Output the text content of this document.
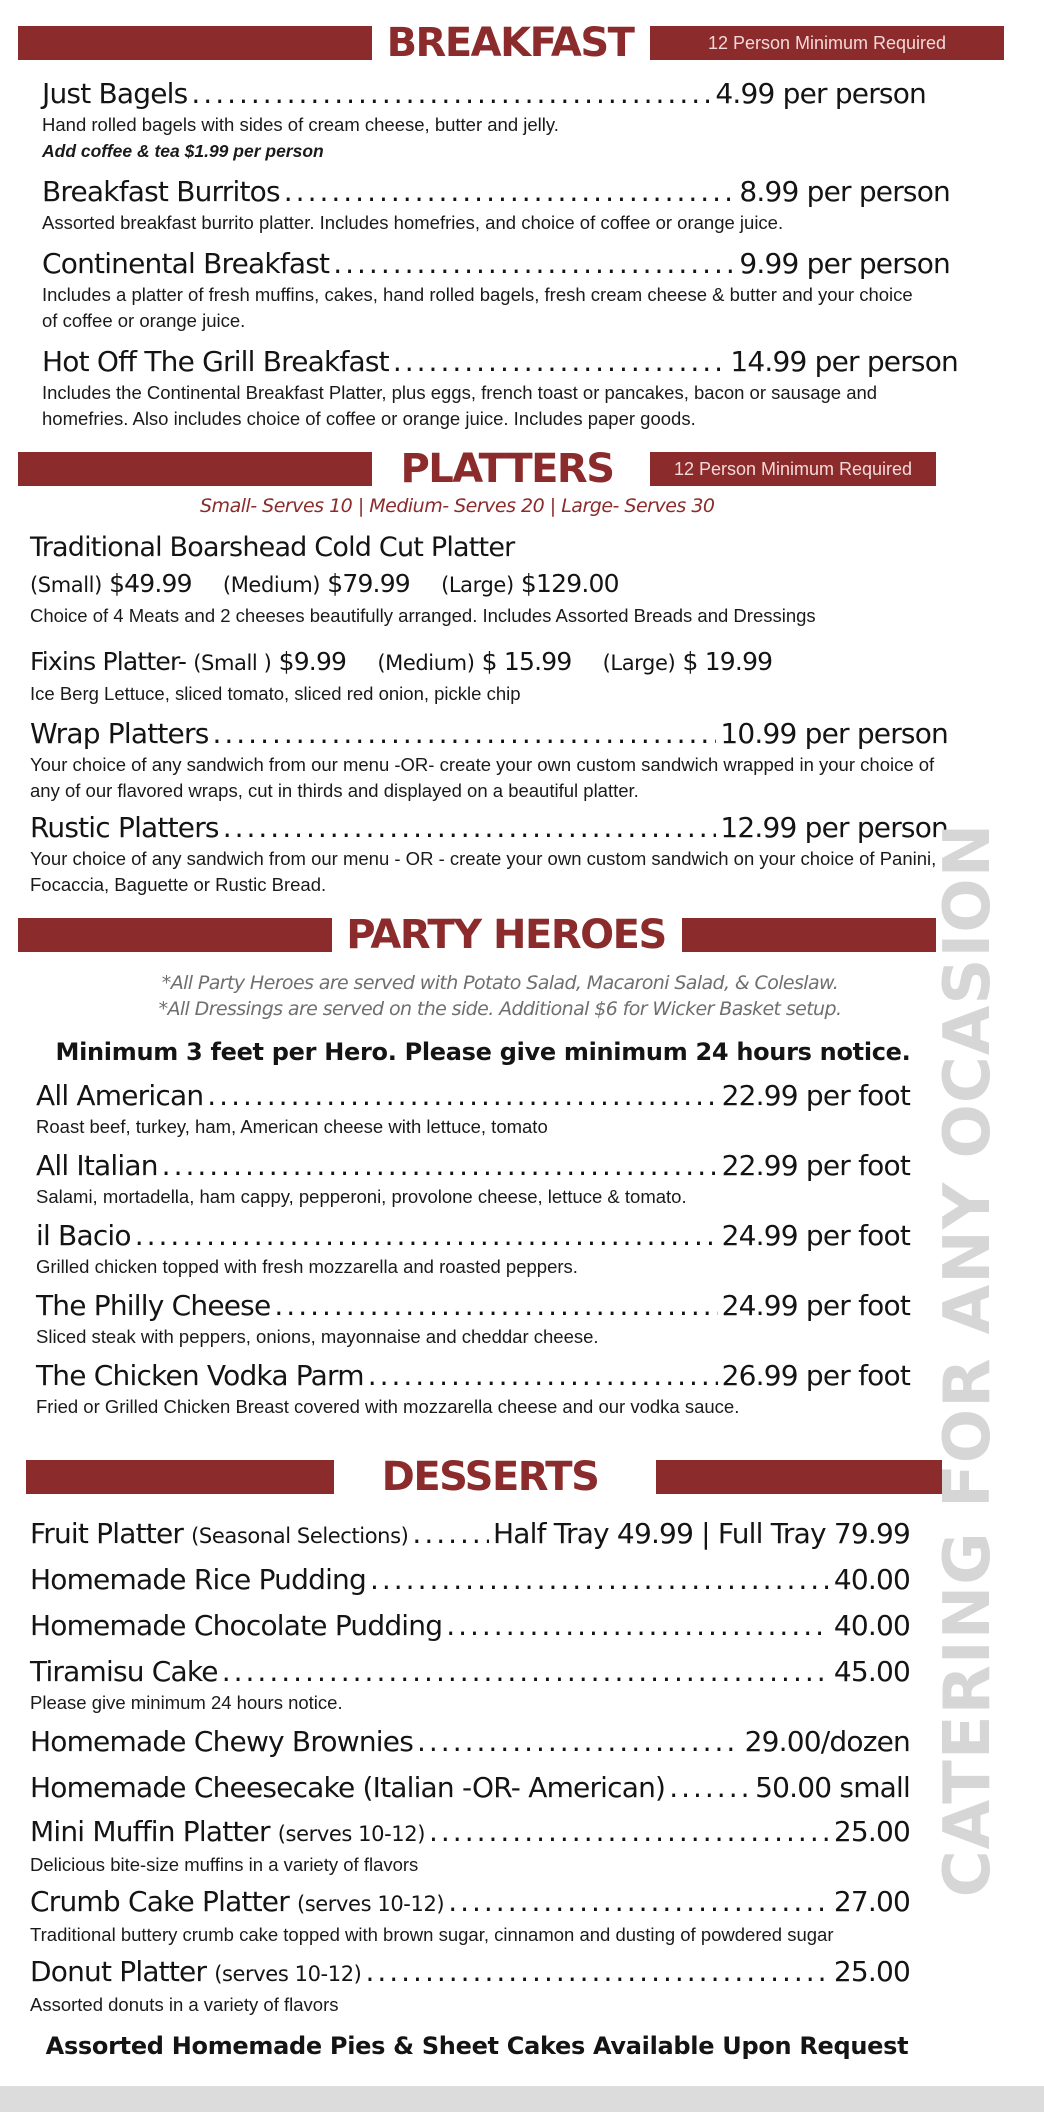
BREAKFAST	12 Person Minimum Required
Just Bagels .....	4.99 per person
Hand rolled bagels with sides of cream cheese, butter and jelly.
Add coffee & tea $1.99 per person
Breakfast Burritos .....	8.99 per person
Assorted breakfast burrito platter. Includes homefries, and choice of coffee or orange juice.
Continental Breakfast .....	9.99 per person
Includes a platter of fresh muffins, cakes, hand rolled bagels, fresh cream cheese & butter and your choice of coffee or orange juice.
Hot Off The Grill Breakfast .....	14.99 per person
Includes the Continental Breakfast Platter, plus eggs, french toast or pancakes, bacon or sausage and homefries. Also includes choice of coffee or orange juice. Includes paper goods.
PLATTERS	12 Person Minimum Required
Small- Serves 10 | Medium- Serves 20 | Large- Serves 30
Traditional Boarshead Cold Cut Platter
(Small) $49.99 (Medium) $79.99 (Large) $129.00
Choice of 4 Meats and 2 cheeses beautifully arranged. Includes Assorted Breads and Dressings
Fixins Platter- (Small ) $9.99 (Medium) $ 15.99 (Large) $ 19.99
Ice Berg Lettuce, sliced tomato, sliced red onion, pickle chip
Wrap Platters .....	10.99 per person
Your choice of any sandwich from our menu -OR- create your own custom sandwich wrapped in your choice of any of our flavored wraps, cut in thirds and displayed on a beautiful platter.
Rustic Platters .....	12.99 per person
Your choice of any sandwich from our menu - OR - create your own custom sandwich on your choice of Panini, Focaccia, Baguette or Rustic Bread.
PARTY HEROES
*All Party Heroes are served with Potato Salad, Macaroni Salad, & Coleslaw.
*All Dressings are served on the side. Additional $6 for Wicker Basket setup.
Minimum 3 feet per Hero. Please give minimum 24 hours notice.
All American .....	22.99 per foot
Roast beef, turkey, ham, American cheese with lettuce, tomato
All Italian .....	22.99 per foot
Salami, mortadella, ham cappy, pepperoni, provolone cheese, lettuce & tomato.
il Bacio .....	24.99 per foot
Grilled chicken topped with fresh mozzarella and roasted peppers.
The Philly Cheese .....	24.99 per foot
Sliced steak with peppers, onions, mayonnaise and cheddar cheese.
The Chicken Vodka Parm .....	26.99 per foot
Fried or Grilled Chicken Breast covered with mozzarella cheese and our vodka sauce.
DESSERTS
Fruit Platter (Seasonal Selections) .....	Half Tray 49.99 | Full Tray 79.99
Homemade Rice Pudding .....	40.00
Homemade Chocolate Pudding .....	40.00
Tiramisu Cake .....	45.00
Please give minimum 24 hours notice.
Homemade Chewy Brownies .....	29.00/dozen
Homemade Cheesecake (Italian -OR- American) .....	50.00 small
Mini Muffin Platter (serves 10-12) .....	25.00
Delicious bite-size muffins in a variety of flavors
Crumb Cake Platter (serves 10-12) .....	27.00
Traditional buttery crumb cake topped with brown sugar, cinnamon and dusting of powdered sugar
Donut Platter (serves 10-12) .....	25.00
Assorted donuts in a variety of flavors
Assorted Homemade Pies & Sheet Cakes Available Upon Request
CATERING FOR ANY OCASION
